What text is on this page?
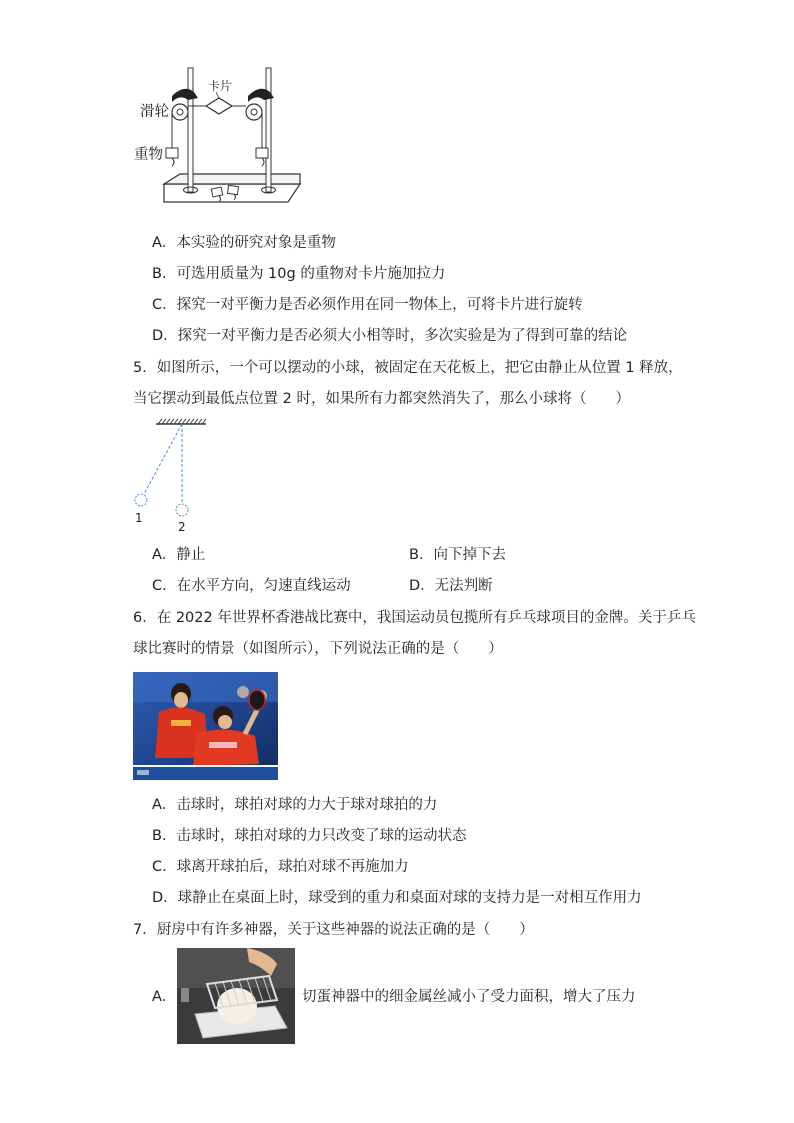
卡片
滑轮
重物
A．本实验的研究对象是重物
B．可选用质量为 10g 的重物对卡片施加拉力
C．探究一对平衡力是否必须作用在同一物体上，可将卡片进行旋转
D．探究一对平衡力是否必须大小相等时，多次实验是为了得到可靠的结论
5．如图所示，一个可以摆动的小球，被固定在天花板上，把它由静止从位置 1 释放，
当它摆动到最低点位置 2 时，如果所有力都突然消失了，那么小球将（　　）
1
2
A．静止	B．向下掉下去
C．在水平方向，匀速直线运动	D．无法判断
6．在 2022 年世界杯香港战比赛中，我国运动员包揽所有乒乓球项目的金牌。关于乒乓
球比赛时的情景（如图所示），下列说法正确的是（　　）
A．击球时，球拍对球的力大于球对球拍的力
B．击球时，球拍对球的力只改变了球的运动状态
C．球离开球拍后，球拍对球不再施加力
D．球静止在桌面上时，球受到的重力和桌面对球的支持力是一对相互作用力
7．厨房中有许多神器，关于这些神器的说法正确的是（　　）
A．	切蛋神器中的细金属丝减小了受力面积，增大了压力
